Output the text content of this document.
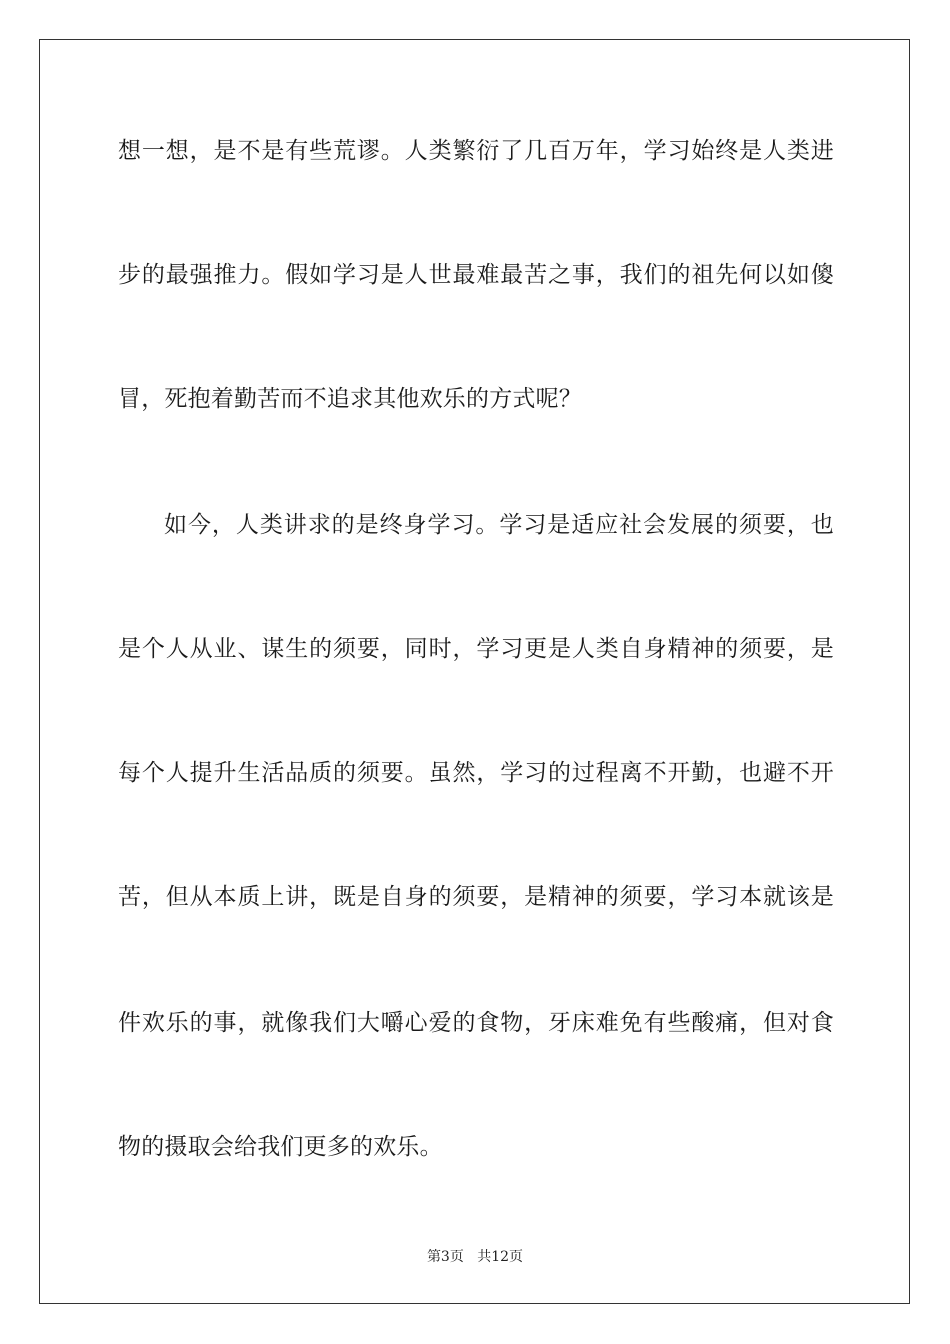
想一想，是不是有些荒谬。人类繁衍了几百万年，学习始终是人类进
步的最强推力。假如学习是人世最难最苦之事，我们的祖先何以如傻
冒，死抱着勤苦而不追求其他欢乐的方式呢？
如今，人类讲求的是终身学习。学习是适应社会发展的须要，也
是个人从业、谋生的须要，同时，学习更是人类自身精神的须要，是
每个人提升生活品质的须要。虽然，学习的过程离不开勤，也避不开
苦，但从本质上讲，既是自身的须要，是精神的须要，学习本就该是
件欢乐的事，就像我们大嚼心爱的食物，牙床难免有些酸痛，但对食
物的摄取会给我们更多的欢乐。
第3页 共12页
